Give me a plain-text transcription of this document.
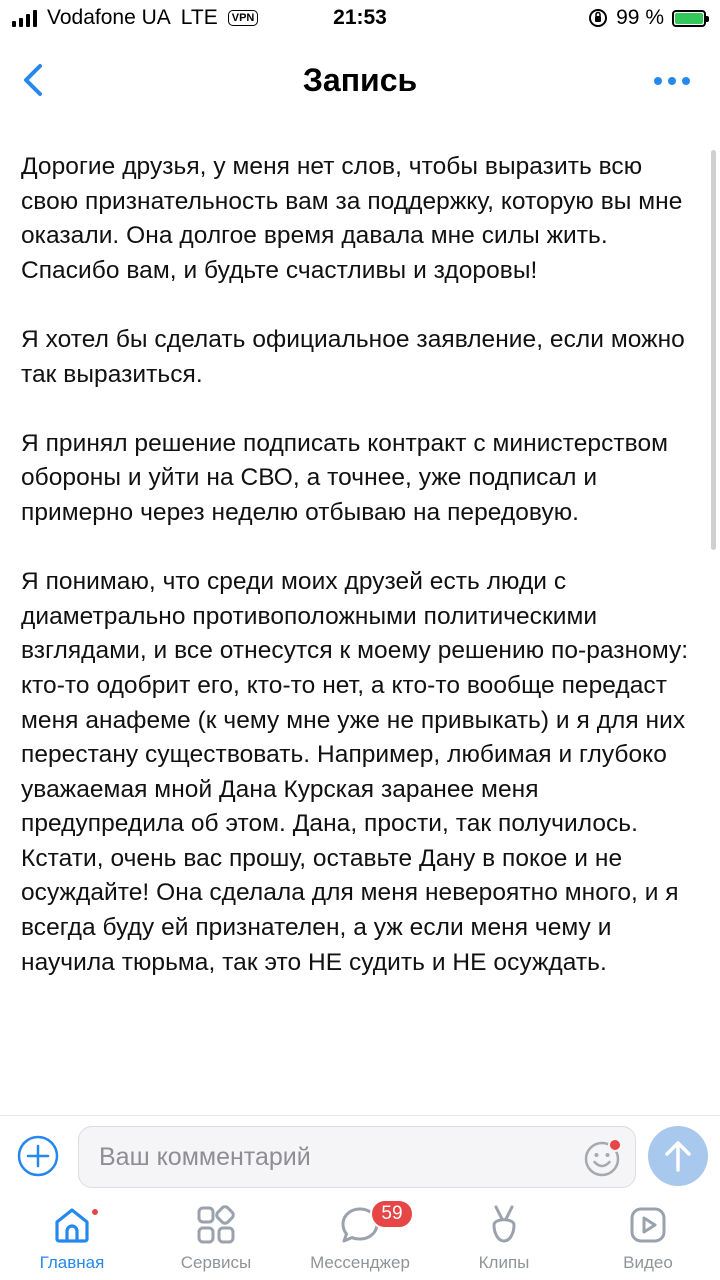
Vodafone UA LTE	VPN	21:53	99 %
Запись

Дорогие друзья, у меня нет слов, чтобы выразить всю свою признательность вам за поддержку, которую вы мне оказали. Она долгое время давала мне силы жить. Спасибо вам, и будьте счастливы и здоровы!

Я хотел бы сделать официальное заявление, если можно так выразиться.

Я принял решение подписать контракт с министерством обороны и уйти на СВО, а точнее, уже подписал и примерно через неделю отбываю на передовую.

Я понимаю, что среди моих друзей есть люди с диаметрально противоположными политическими взглядами, и все отнесутся к моему решению по-разному: кто-то одобрит его, кто-то нет, а кто-то вообще передаст меня анафеме (к чему мне уже не привыкать) и я для них перестану существовать. Например, любимая и глубоко уважаемая мной Дана Курская заранее меня предупредила об этом. Дана, прости, так получилось. Кстати, очень вас прошу, оставьте Дану в покое и не осуждайте! Она сделала для меня невероятно много, и я всегда буду ей признателен, а уж если меня чему и научила тюрьма, так это НЕ судить и НЕ осуждать.

Ваш комментарий
Главная	Сервисы
59
Мессенджер	Клипы	Видео
